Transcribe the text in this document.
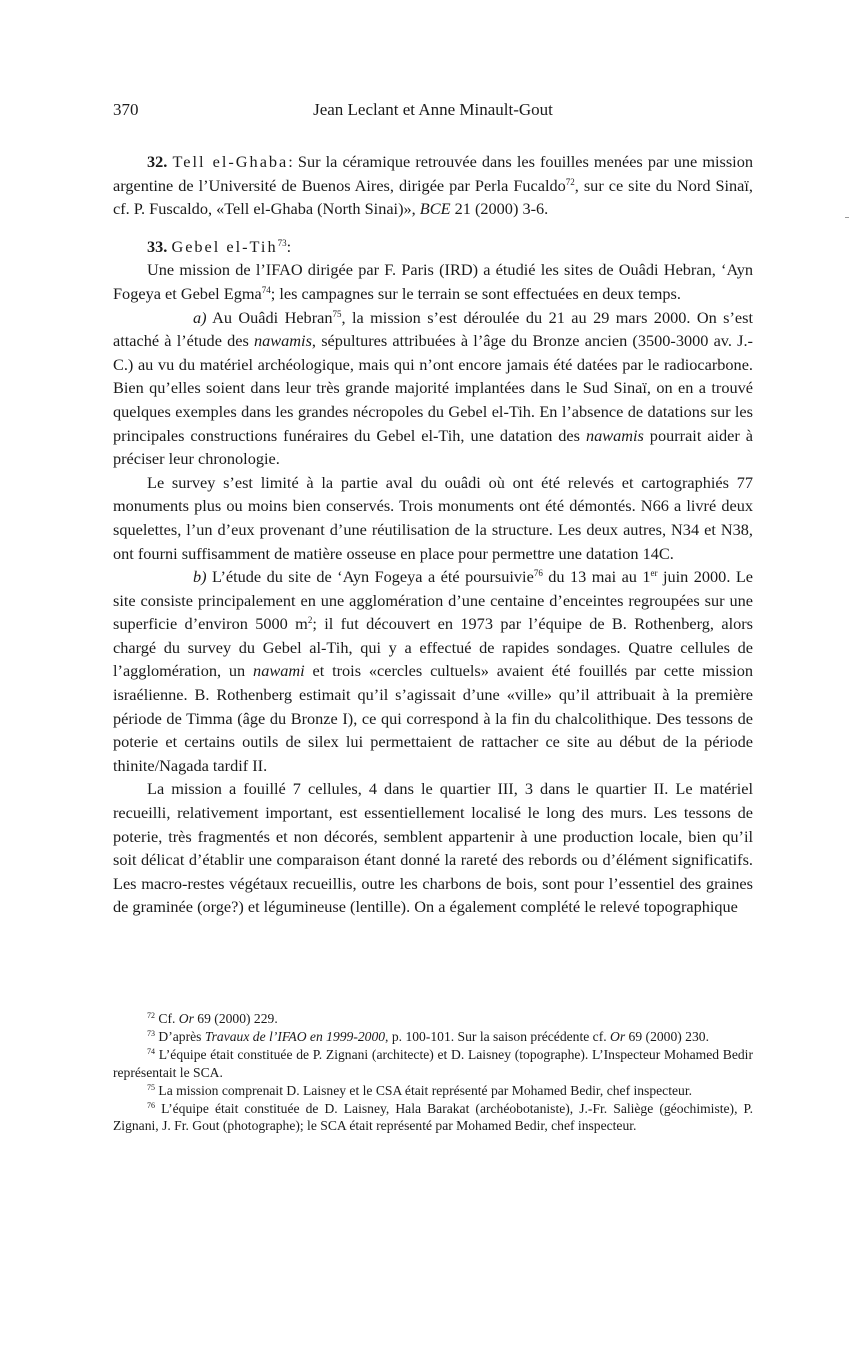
370	Jean Leclant et Anne Minault-Gout

32. Tell el-Ghaba: Sur la céramique retrouvée dans les fouilles menées par une mission argentine de l’Université de Buenos Aires, dirigée par Perla Fucaldo$^{72}$, sur ce site du Nord Sinaï, cf. P. Fuscaldo, «Tell el-Ghaba (North Sinai)», BCE 21 (2000) 3-6.

33. Gebel el-Tih$^{73}$:

Une mission de l’IFAO dirigée par F. Paris (IRD) a étudié les sites de Ouâdi Hebran, ‘Ayn Fogeya et Gebel Egma$^{74}$; les campagnes sur le terrain se sont effectuées en deux temps.

a) Au Ouâdi Hebran$^{75}$, la mission s’est déroulée du 21 au 29 mars 2000. On s’est attaché à l’étude des nawamis, sépultures attribuées à l’âge du Bronze ancien (3500-3000 av. J.-C.) au vu du matériel archéologique, mais qui n’ont encore jamais été datées par le radiocarbone. Bien qu’elles soient dans leur très grande majorité implantées dans le Sud Sinaï, on en a trouvé quelques exemples dans les grandes nécropoles du Gebel el-Tih. En l’absence de datations sur les principales constructions funéraires du Gebel el-Tih, une datation des nawamis pourrait aider à préciser leur chronologie.

Le survey s’est limité à la partie aval du ouâdi où ont été relevés et cartographiés 77 monuments plus ou moins bien conservés. Trois monuments ont été démontés. N66 a livré deux squelettes, l’un d’eux provenant d’une réutilisation de la structure. Les deux autres, N34 et N38, ont fourni suffisamment de matière osseuse en place pour permettre une datation 14C.

b) L’étude du site de ‘Ayn Fogeya a été poursuivie$^{76}$ du 13 mai au 1er juin 2000. Le site consiste principalement en une agglomération d’une centaine d’enceintes regroupées sur une superficie d’environ 5000 $m^2$; il fut découvert en 1973 par l’équipe de B. Rothenberg, alors chargé du survey du Gebel al-Tih, qui y a effectué de rapides sondages. Quatre cellules de l’agglomération, un nawami et trois «cercles cultuels» avaient été fouillés par cette mission israélienne. B. Rothenberg estimait qu’il s’agissait d’une «ville» qu’il attribuait à la première période de Timma (âge du Bronze I), ce qui correspond à la fin du chalcolithique. Des tessons de poterie et certains outils de silex lui permettaient de rattacher ce site au début de la période thinite/Nagada tardif II.

La mission a fouillé 7 cellules, 4 dans le quartier III, 3 dans le quartier II. Le matériel recueilli, relativement important, est essentiellement localisé le long des murs. Les tessons de poterie, très fragmentés et non décorés, semblent appartenir à une production locale, bien qu’il soit délicat d’établir une comparaison étant donné la rareté des rebords ou d’élément significatifs. Les macro-restes végétaux recueillis, outre les charbons de bois, sont pour l’essentiel des graines de graminée (orge?) et légumineuse (lentille). On a également complété le relevé topographique

$^{72}$ Cf. Or 69 (2000) 229.

$^{73}$ D’après Travaux de l’IFAO en 1999-2000, p. 100-101. Sur la saison précédente cf. Or 69 (2000) 230.

$^{74}$ L’équipe était constituée de P. Zignani (architecte) et D. Laisney (topographe). L’Inspecteur Mohamed Bedir représentait le SCA.

$^{75}$ La mission comprenait D. Laisney et le CSA était représenté par Mohamed Bedir, chef inspecteur.

$^{76}$ L’équipe était constituée de D. Laisney, Hala Barakat (archéobotaniste), J.-Fr. Saliège (géochimiste), P. Zignani, J. Fr. Gout (photographe); le SCA était représenté par Mohamed Bedir, chef inspecteur.
